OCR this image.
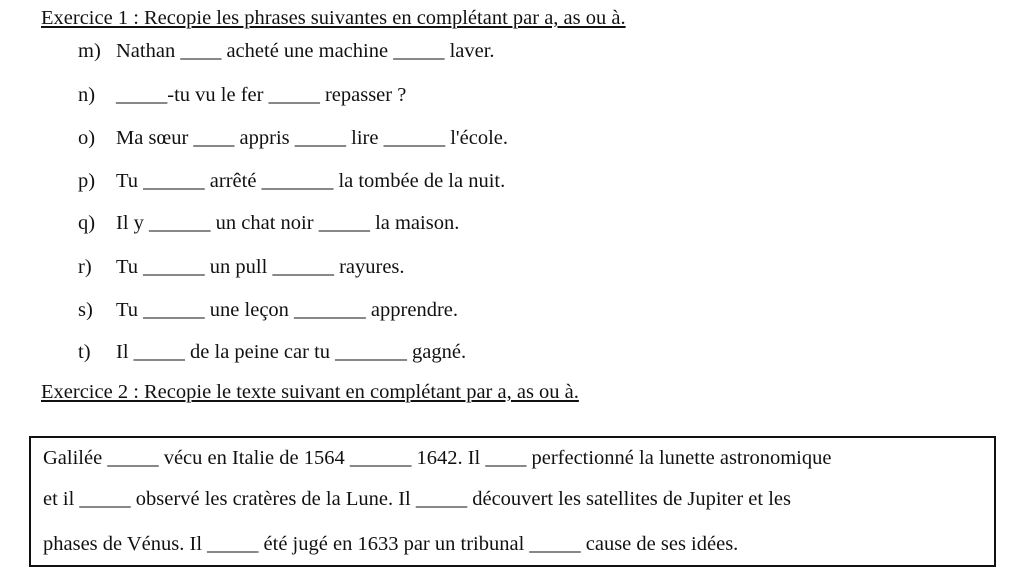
Exercice 1 : Recopie les phrases suivantes en complétant par a, as ou à.
m) Nathan ____ acheté une machine _____ laver.
n) _____-tu vu le fer _____ repasser ?
o) Ma sœur ____ appris _____ lire ______ l'école.
p) Tu ______ arrêté _______ la tombée de la nuit.
q) Il y ______ un chat noir _____ la maison.
r) Tu ______ un pull ______ rayures.
s) Tu ______ une leçon _______ apprendre.
t) Il _____ de la peine car tu _______ gagné.
Exercice 2 : Recopie le texte suivant en complétant par a, as ou à.
Galilée _____ vécu en Italie de 1564 ______ 1642. Il ____ perfectionné la lunette astronomique
et il _____ observé les cratères de la Lune. Il _____ découvert les satellites de Jupiter et les
phases de Vénus. Il _____ été jugé en 1633 par un tribunal _____ cause de ses idées.
